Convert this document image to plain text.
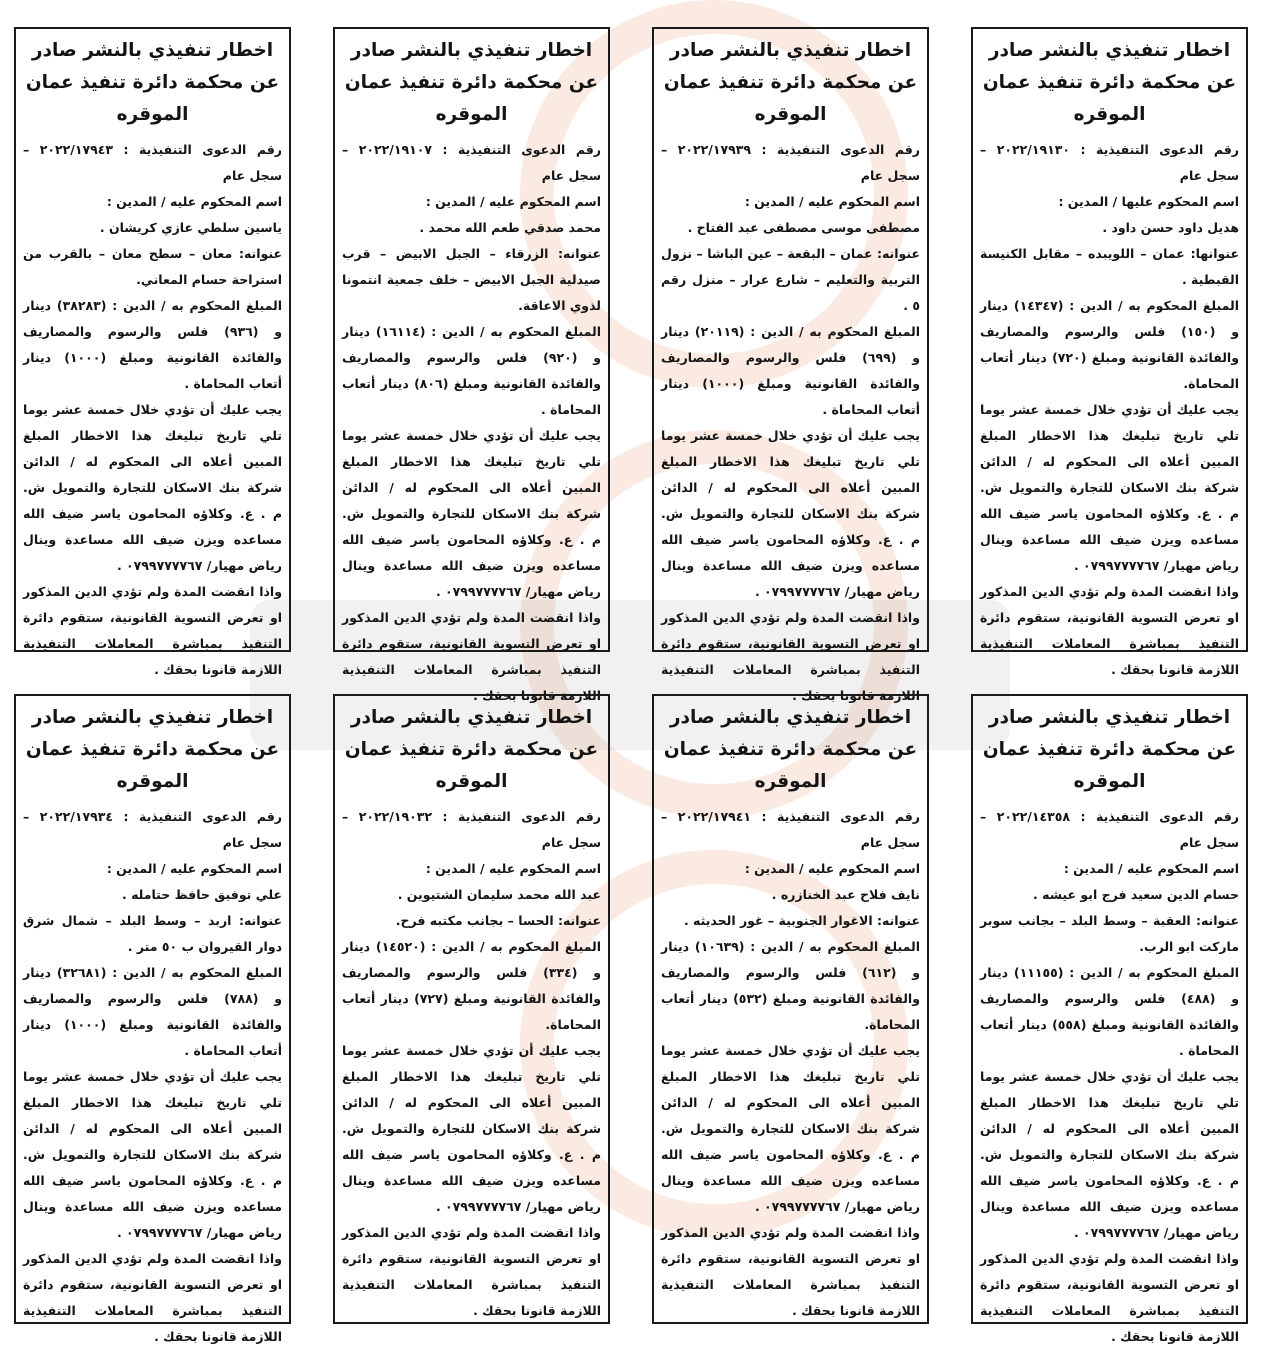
اخطار تنفيذي بالنشر صادر عن محكمة دائرة تنفيذ عمان الموقره

رقم الدعوى التنفيذية : ٢٠٢٢/١٩١٣٠ – سجل عام

اسم المحكوم عليها / المدين :

هديل داود حسن داود .

عنوانها: عمان – اللويبده – مقابل الكنيسة القبطية .

المبلغ المحكوم به / الدين : (١٤٣٤٧) دينار و (١٥٠) فلس والرسوم والمصاريف والفائدة القانونية ومبلغ (٧٢٠) دينار أتعاب المحاماة.

يجب عليك أن تؤدي خلال خمسة عشر يوما تلي تاريخ تبليغك هذا الاخطار المبلغ المبين أعلاه الى المحكوم له / الدائن شركة بنك الاسكان للتجارة والتمويل ش. م . ع. وكلاؤه المحامون ياسر ضيف الله مساعده ويزن ضيف الله مساعدة وينال رياض مهيار/ ٠٧٩٩٧٧٧٧٦٧ .

واذا انقضت المدة ولم تؤدي الدين المذكور او تعرض التسوية القانونية، ستقوم دائرة التنفيذ بمباشرة المعاملات التنفيذية اللازمة قانونا بحقك .

اخطار تنفيذي بالنشر صادر عن محكمة دائرة تنفيذ عمان الموقره

رقم الدعوى التنفيذية : ٢٠٢٢/١٧٩٣٩ – سجل عام

اسم المحكوم عليه / المدين :

مصطفى موسى مصطفى عبد الفتاح .

عنوانه: عمان – البقعة – عين الباشا – نزول التربية والتعليم – شارع عرار – منزل رقم ٥ .

المبلغ المحكوم به / الدين : (٢٠١١٩) دينار و (٦٩٩) فلس والرسوم والمصاريف والفائدة القانونية ومبلغ (١٠٠٠) دينار أتعاب المحاماة .

يجب عليك أن تؤدي خلال خمسة عشر يوما تلي تاريخ تبليغك هذا الاخطار المبلغ المبين أعلاه الى المحكوم له / الدائن شركة بنك الاسكان للتجارة والتمويل ش. م . ع. وكلاؤه المحامون ياسر ضيف الله مساعده ويزن ضيف الله مساعدة وينال رياض مهيار/ ٠٧٩٩٧٧٧٧٦٧ .

واذا انقضت المدة ولم تؤدي الدين المذكور او تعرض التسوية القانونية، ستقوم دائرة التنفيذ بمباشرة المعاملات التنفيذية اللازمة قانونا بحقك .

اخطار تنفيذي بالنشر صادر عن محكمة دائرة تنفيذ عمان الموقره

رقم الدعوى التنفيذية : ٢٠٢٢/١٩١٠٧ – سجل عام

اسم المحكوم عليه / المدين :

محمد صدقي طعم الله محمد .

عنوانه: الزرقاء – الجبل الابيض – قرب صيدلية الجبل الابيض – خلف جمعية انتمونا لذوي الاعاقة.

المبلغ المحكوم به / الدين : (١٦١١٤) دينار و (٩٢٠) فلس والرسوم والمصاريف والفائدة القانونية ومبلغ (٨٠٦) دينار أتعاب المحاماة .

يجب عليك أن تؤدي خلال خمسة عشر يوما تلي تاريخ تبليغك هذا الاخطار المبلغ المبين أعلاه الى المحكوم له / الدائن شركة بنك الاسكان للتجارة والتمويل ش. م . ع. وكلاؤه المحامون ياسر ضيف الله مساعده ويزن ضيف الله مساعدة وينال رياض مهيار/ ٠٧٩٩٧٧٧٧٦٧ .

واذا انقضت المدة ولم تؤدي الدين المذكور او تعرض التسوية القانونية، ستقوم دائرة التنفيذ بمباشرة المعاملات التنفيذية اللازمة قانونا بحقك .

اخطار تنفيذي بالنشر صادر عن محكمة دائرة تنفيذ عمان الموقره

رقم الدعوى التنفيذية : ٢٠٢٢/١٧٩٤٣ – سجل عام

اسم المحكوم عليه / المدين :

ياسين سلطي عازي كريشان .

عنوانه: معان – سطح معان – بالقرب من استراحة حسام المعاني.

المبلغ المحكوم به / الدين : (٣٨٢٨٣) دينار و (٩٣٦) فلس والرسوم والمصاريف والفائدة القانونية ومبلغ (١٠٠٠) دينار أتعاب المحاماة .

يجب عليك أن تؤدي خلال خمسة عشر يوما تلي تاريخ تبليغك هذا الاخطار المبلغ المبين أعلاه الى المحكوم له / الدائن شركة بنك الاسكان للتجارة والتمويل ش. م . ع. وكلاؤه المحامون ياسر ضيف الله مساعده ويزن ضيف الله مساعدة وينال رياض مهيار/ ٠٧٩٩٧٧٧٧٦٧ .

واذا انقضت المدة ولم تؤدي الدين المذكور او تعرض التسوية القانونية، ستقوم دائرة التنفيذ بمباشرة المعاملات التنفيذية اللازمة قانونا بحقك .

اخطار تنفيذي بالنشر صادر عن محكمة دائرة تنفيذ عمان الموقره

رقم الدعوى التنفيذية : ٢٠٢٢/١٤٣٥٨ – سجل عام

اسم المحكوم عليه / المدين :

حسام الدين سعيد فرج ابو عيشه .

عنوانه: العقبة – وسط البلد – بجانب سوبر ماركت ابو الرب.

المبلغ المحكوم به / الدين : (١١١٥٥) دينار و (٤٨٨) فلس والرسوم والمصاريف والفائدة القانونية ومبلغ (٥٥٨) دينار أتعاب المحاماة .

يجب عليك أن تؤدي خلال خمسة عشر يوما تلي تاريخ تبليغك هذا الاخطار المبلغ المبين أعلاه الى المحكوم له / الدائن شركة بنك الاسكان للتجارة والتمويل ش. م . ع. وكلاؤه المحامون ياسر ضيف الله مساعده ويزن ضيف الله مساعدة وينال رياض مهيار/ ٠٧٩٩٧٧٧٧٦٧ .

واذا انقضت المدة ولم تؤدي الدين المذكور او تعرض التسوية القانونية، ستقوم دائرة التنفيذ بمباشرة المعاملات التنفيذية اللازمة قانونا بحقك .

اخطار تنفيذي بالنشر صادر عن محكمة دائرة تنفيذ عمان الموقره

رقم الدعوى التنفيذية : ٢٠٢٢/١٧٩٤١ – سجل عام

اسم المحكوم عليه / المدين :

نايف فلاح عبد الخنازره .

عنوانه: الاغوار الجنوبية – غور الحديثه .

المبلغ المحكوم به / الدين : (١٠٦٣٩) دينار و (٦١٢) فلس والرسوم والمصاريف والفائدة القانونية ومبلغ (٥٣٢) دينار أتعاب المحاماة.

يجب عليك أن تؤدي خلال خمسة عشر يوما تلي تاريخ تبليغك هذا الاخطار المبلغ المبين أعلاه الى المحكوم له / الدائن شركة بنك الاسكان للتجارة والتمويل ش. م . ع. وكلاؤه المحامون ياسر ضيف الله مساعده ويزن ضيف الله مساعدة وينال رياض مهيار/ ٠٧٩٩٧٧٧٧٦٧ .

واذا انقضت المدة ولم تؤدي الدين المذكور او تعرض التسوية القانونية، ستقوم دائرة التنفيذ بمباشرة المعاملات التنفيذية اللازمة قانونا بحقك .

اخطار تنفيذي بالنشر صادر عن محكمة دائرة تنفيذ عمان الموقره

رقم الدعوى التنفيذية : ٢٠٢٢/١٩٠٣٢ – سجل عام

اسم المحكوم عليه / المدين :

عبد الله محمد سليمان الشتيوين .

عنوانه: الحسا – بجانب مكتبه فرح.

المبلغ المحكوم به / الدين : (١٤٥٢٠) دينار و (٣٣٤) فلس والرسوم والمصاريف والفائدة القانونية ومبلغ (٧٢٧) دينار أتعاب المحاماة.

يجب عليك أن تؤدي خلال خمسة عشر يوما تلي تاريخ تبليغك هذا الاخطار المبلغ المبين أعلاه الى المحكوم له / الدائن شركة بنك الاسكان للتجارة والتمويل ش. م . ع. وكلاؤه المحامون ياسر ضيف الله مساعده ويزن ضيف الله مساعدة وينال رياض مهيار/ ٠٧٩٩٧٧٧٧٦٧ .

واذا انقضت المدة ولم تؤدي الدين المذكور او تعرض التسوية القانونية، ستقوم دائرة التنفيذ بمباشرة المعاملات التنفيذية اللازمة قانونا بحقك .

اخطار تنفيذي بالنشر صادر عن محكمة دائرة تنفيذ عمان الموقره

رقم الدعوى التنفيذية : ٢٠٢٢/١٧٩٣٤ – سجل عام

اسم المحكوم عليه / المدين :

علي توفيق حافظ حتامله .

عنوانه: اربد – وسط البلد – شمال شرق دوار القيروان ب ٥٠ متر .

المبلغ المحكوم به / الدين : (٣٢٦٨١) دينار و (٧٨٨) فلس والرسوم والمصاريف والفائدة القانونية ومبلغ (١٠٠٠) دينار أتعاب المحاماة .

يجب عليك أن تؤدي خلال خمسة عشر يوما تلي تاريخ تبليغك هذا الاخطار المبلغ المبين أعلاه الى المحكوم له / الدائن شركة بنك الاسكان للتجارة والتمويل ش. م . ع. وكلاؤه المحامون ياسر ضيف الله مساعده ويزن ضيف الله مساعدة وينال رياض مهيار/ ٠٧٩٩٧٧٧٧٦٧ .

واذا انقضت المدة ولم تؤدي الدين المذكور او تعرض التسوية القانونية، ستقوم دائرة التنفيذ بمباشرة المعاملات التنفيذية اللازمة قانونا بحقك .
